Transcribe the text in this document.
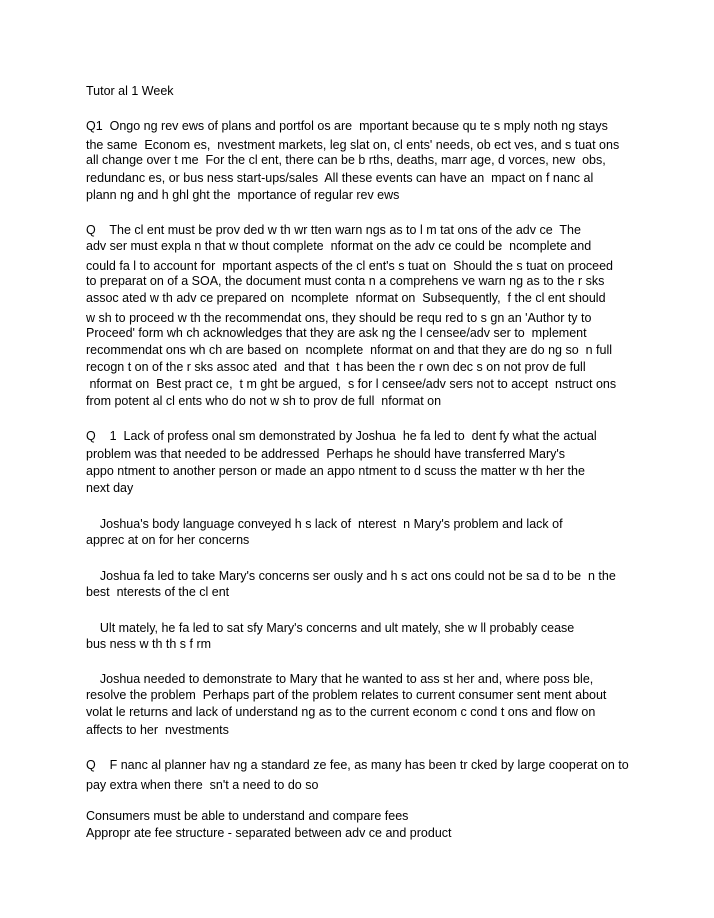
Tutor al 1 Week
Q1  Ongo ng rev ews of plans and portfol os are  mportant because qu te s mply noth ng stays
the same  Econom es,  nvestment markets, leg slat on, cl ents' needs, ob ect ves, and s tuat ons
all change over t me  For the cl ent, there can be b rths, deaths, marr age, d vorces, new  obs,
redundanc es, or bus ness start-ups/sales  All these events can have an  mpact on f nanc al
plann ng and h ghl ght the  mportance of regular rev ews
Q    The cl ent must be prov ded w th wr tten warn ngs as to l m tat ons of the adv ce  The
adv ser must expla n that w thout complete  nformat on the adv ce could be  ncomplete and
could fa l to account for  mportant aspects of the cl ent's s tuat on  Should the s tuat on proceed
to preparat on of a SOA, the document must conta n a comprehens ve warn ng as to the r sks
assoc ated w th adv ce prepared on  ncomplete  nformat on  Subsequently,  f the cl ent should
w sh to proceed w th the recommendat ons, they should be requ red to s gn an 'Author ty to
Proceed' form wh ch acknowledges that they are ask ng the l censee/adv ser to  mplement
recommendat ons wh ch are based on  ncomplete  nformat on and that they are do ng so  n full
recogn t on of the r sks assoc ated  and that  t has been the r own dec s on not prov de full
nformat on  Best pract ce,  t m ght be argued,  s for l censee/adv sers not to accept  nstruct ons
from potent al cl ents who do not w sh to prov de full  nformat on
Q    1  Lack of profess onal sm demonstrated by Joshua  he fa led to  dent fy what the actual
problem was that needed to be addressed  Perhaps he should have transferred Mary's
appo ntment to another person or made an appo ntment to d scuss the matter w th her the
next day
Joshua's body language conveyed h s lack of  nterest  n Mary's problem and lack of
apprec at on for her concerns
Joshua fa led to take Mary's concerns ser ously and h s act ons could not be sa d to be  n the
best  nterests of the cl ent
Ult mately, he fa led to sat sfy Mary's concerns and ult mately, she w ll probably cease
bus ness w th th s f rm
Joshua needed to demonstrate to Mary that he wanted to ass st her and, where poss ble,
resolve the problem  Perhaps part of the problem relates to current consumer sent ment about
volat le returns and lack of understand ng as to the current econom c cond t ons and flow on
affects to her  nvestments
Q    F nanc al planner hav ng a standard ze fee, as many has been tr cked by large cooperat on to
pay extra when there  sn't a need to do so
Consumers must be able to understand and compare fees
Appropr ate fee structure - separated between adv ce and product
